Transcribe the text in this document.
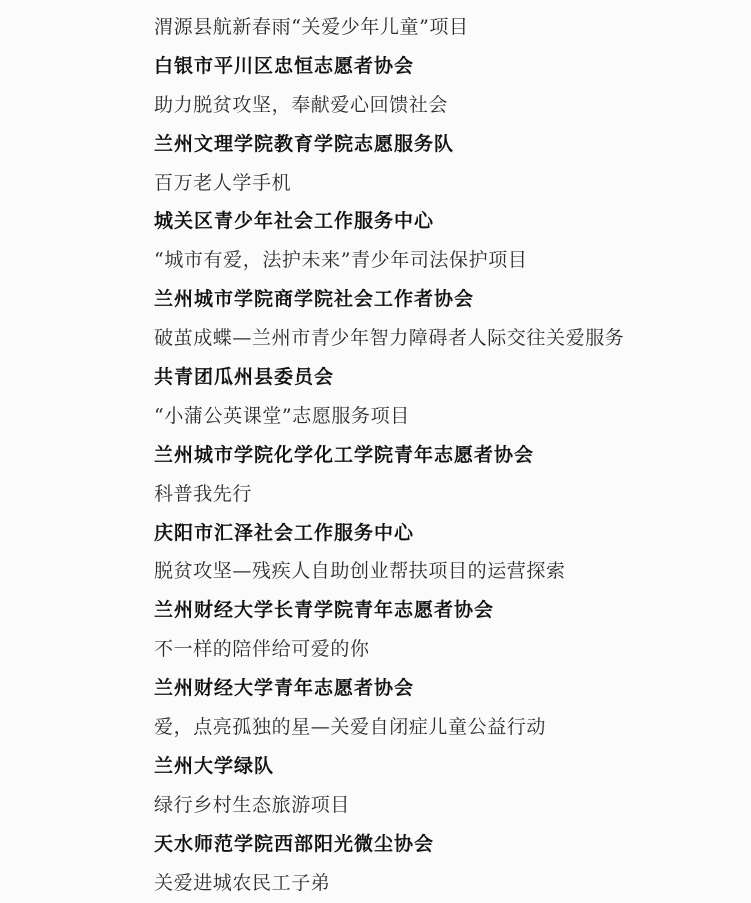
渭源县航新春雨“关爱少年儿童”项目
白银市平川区忠恒志愿者协会
助力脱贫攻坚，奉献爱心回馈社会
兰州文理学院教育学院志愿服务队
百万老人学手机
城关区青少年社会工作服务中心
“城市有爱，法护未来”青少年司法保护项目
兰州城市学院商学院社会工作者协会
破茧成蝶—兰州市青少年智力障碍者人际交往关爱服务
共青团瓜州县委员会
“小蒲公英课堂”志愿服务项目
兰州城市学院化学化工学院青年志愿者协会
科普我先行
庆阳市汇泽社会工作服务中心
脱贫攻坚—残疾人自助创业帮扶项目的运营探索
兰州财经大学长青学院青年志愿者协会
不一样的陪伴给可爱的你
兰州财经大学青年志愿者协会
爱，点亮孤独的星—关爱自闭症儿童公益行动
兰州大学绿队
绿行乡村生态旅游项目
天水师范学院西部阳光微尘协会
关爱进城农民工子弟
